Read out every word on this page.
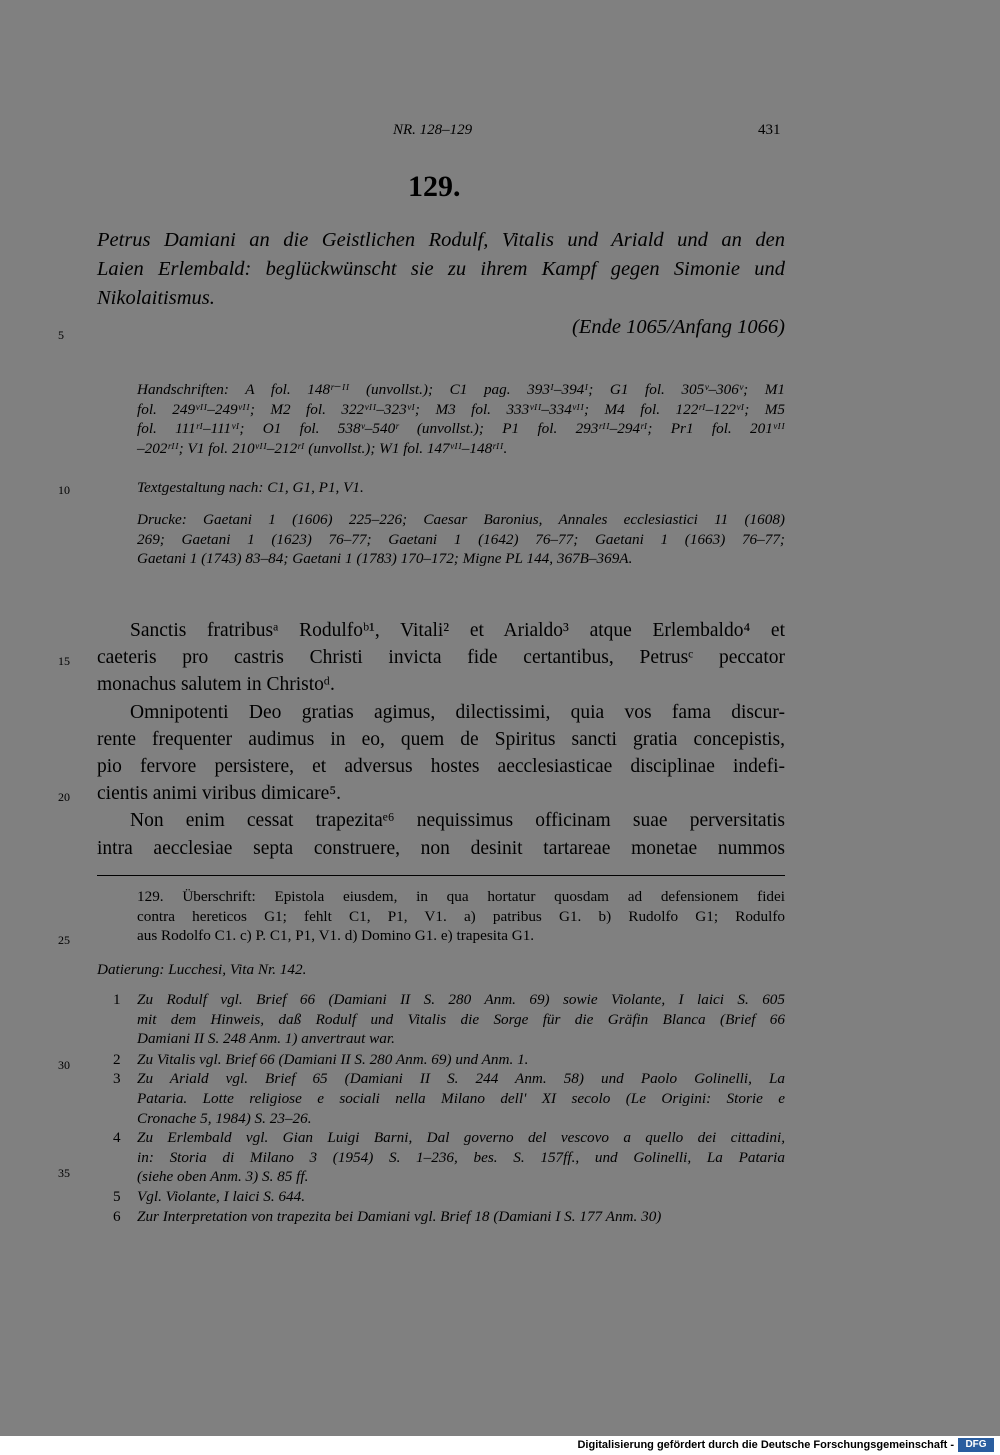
NR. 128–129	431
129.
Petrus Damiani an die Geistlichen Rodulf, Vitalis und Ariald und an den
Laien Erlembald: beglückwünscht sie zu ihrem Kampf gegen Simonie und
Nikolaitismus.
(Ende 1065/Anfang 1066)
5
10
15
20
25
30
35
Handschriften: A fol. 148ʳ⁻ᴵᴵ (unvollst.); C1 pag. 393ᴵ–394ᴵ; G1 fol. 305ᵛ–306ᵛ; M1
fol. 249ᵛᴵᴵ–249ᵛᴵᴵ; M2 fol. 322ᵛᴵᴵ–323ᵛᴵ; M3 fol. 333ᵛᴵᴵ–334ᵛᴵᴵ; M4 fol. 122ʳᴵ–122ᵛᴵ; M5
fol. 111ʳᴵ–111ᵛᴵ; O1 fol. 538ᵛ–540ʳ (unvollst.); P1 fol. 293ʳᴵᴵ–294ʳᴵ; Pr1 fol. 201ᵛᴵᴵ
–202ʳᴵᴵ; V1 fol. 210ᵛᴵᴵ–212ʳᴵ (unvollst.); W1 fol. 147ᵛᴵᴵ–148ʳᴵᴵ.
Textgestaltung nach: C1, G1, P1, V1.
Drucke: Gaetani 1 (1606) 225–226; Caesar Baronius, Annales ecclesiastici 11 (1608)
269; Gaetani 1 (1623) 76–77; Gaetani 1 (1642) 76–77; Gaetani 1 (1663) 76–77;
Gaetani 1 (1743) 83–84; Gaetani 1 (1783) 170–172; Migne PL 144, 367B–369A.
Sanctis fratribusᵃ Rodulfoᵇ¹, Vitali² et Arialdo³ atque Erlembaldo⁴ et
caeteris pro castris Christi invicta fide certantibus, Petrusᶜ peccator
monachus salutem in Christoᵈ.
Omnipotenti Deo gratias agimus, dilectissimi, quia vos fama discur-
rente frequenter audimus in eo, quem de Spiritus sancti gratia concepistis,
pio fervore persistere, et adversus hostes aecclesiasticae disciplinae indefi-
cientis animi viribus dimicare⁵.
Non enim cessat trapezitaᵉ⁶ nequissimus officinam suae perversitatis
intra aecclesiae septa construere, non desinit tartareae monetae nummos
129. Überschrift: Epistola eiusdem, in qua hortatur quosdam ad defensionem fidei
contra hereticos G1; fehlt C1, P1, V1. a) patribus G1. b) Rudolfo G1; Rodulfo
aus Rodolfo C1. c) P. C1, P1, V1. d) Domino G1. e) trapesita G1.
Datierung: Lucchesi, Vita Nr. 142.
1	Zu Rodulf vgl. Brief 66 (Damiani II S. 280 Anm. 69) sowie Violante, I laici S. 605
mit dem Hinweis, daß Rodulf und Vitalis die Sorge für die Gräfin Blanca (Brief 66
Damiani II S. 248 Anm. 1) anvertraut war.
2	Zu Vitalis vgl. Brief 66 (Damiani II S. 280 Anm. 69) und Anm. 1.
3	Zu Ariald vgl. Brief 65 (Damiani II S. 244 Anm. 58) und Paolo Golinelli, La
Pataria. Lotte religiose e sociali nella Milano dell' XI secolo (Le Origini: Storie e
Cronache 5, 1984) S. 23–26.
4	Zu Erlembald vgl. Gian Luigi Barni, Dal governo del vescovo a quello dei cittadini,
in: Storia di Milano 3 (1954) S. 1–236, bes. S. 157ff., und Golinelli, La Pataria
(siehe oben Anm. 3) S. 85 ff.
5	Vgl. Violante, I laici S. 644.
6	Zur Interpretation von trapezita bei Damiani vgl. Brief 18 (Damiani I S. 177 Anm. 30)
Digitalisierung gefördert durch die Deutsche Forschungsgemeinschaft -	DFG
